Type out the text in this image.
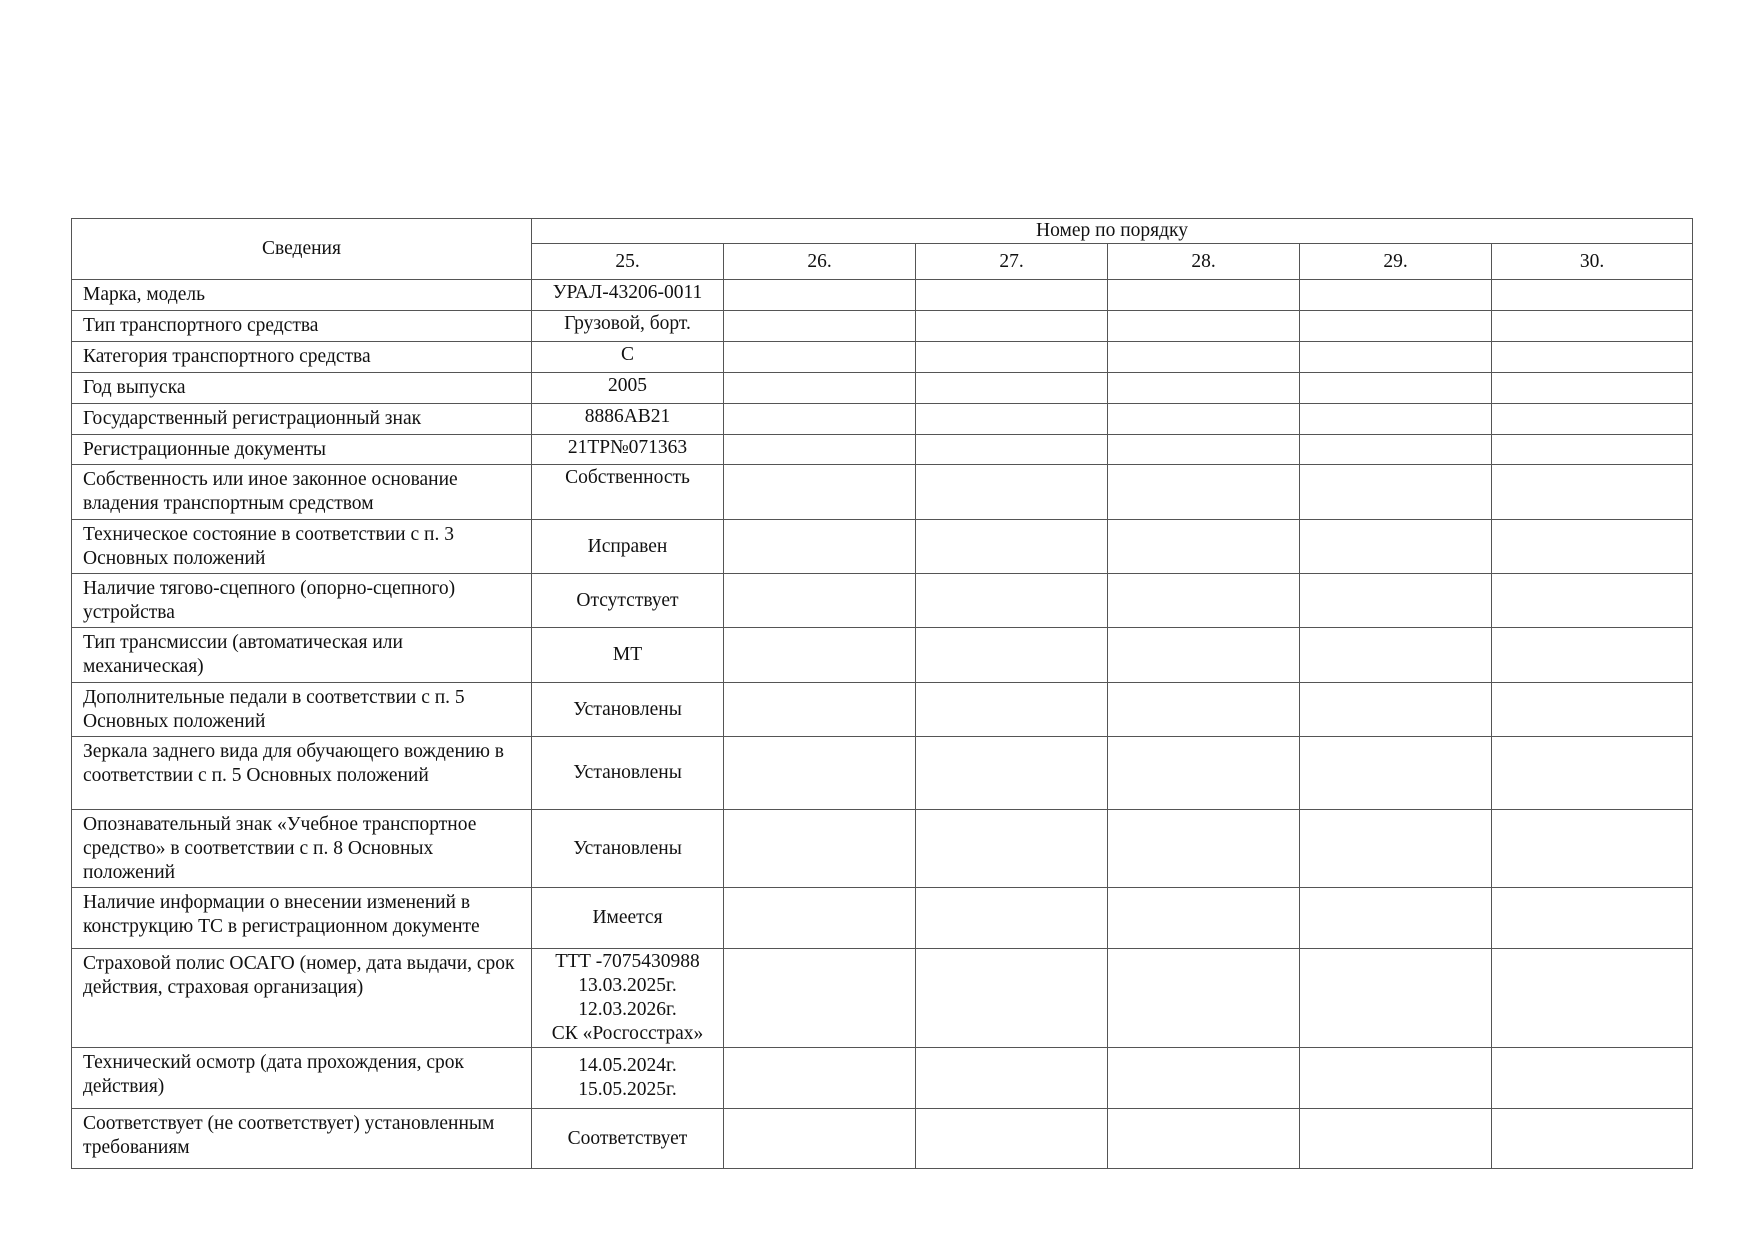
Сведения	Номер по порядку					
	25.	26.	27.	28.	29.	30.
Марка, модель	УРАЛ-43206-0011					
Тип транспортного средства	Грузовой, борт.					
Категория транспортного средства	С					
Год выпуска	2005					
Государственный регистрационный знак	8886АВ21					
Регистрационные документы	21ТР№071363					
Собственность или иное законное основание владения транспортным средством	Собственность					
Техническое состояние в соответствии с п. 3 Основных положений	Исправен					
Наличие тягово-сцепного (опорно-сцепного) устройства	Отсутствует					
Тип трансмиссии (автоматическая или механическая)	МТ					
Дополнительные педали в соответствии с п. 5 Основных положений	Установлены					
Зеркала заднего вида для обучающего вождению в соответствии с п. 5 Основных положений	Установлены					
Опознавательный знак «Учебное транспортное средство» в соответствии с п. 8 Основных положений	Установлены					
Наличие информации о внесении изменений в конструкцию ТС в регистрационном документе	Имеется					
Страховой полис ОСАГО (номер, дата выдачи, срок действия, страховая организация)	ТТТ -7075430988
13.03.2025г.
12.03.2026г.
СК «Росгосстрах»					

Технический осмотр (дата прохождения, срок действия)	14.05.2024г.
15.05.2025г.					

Соответствует (не соответствует) установленным требованиям	Соответствует					
